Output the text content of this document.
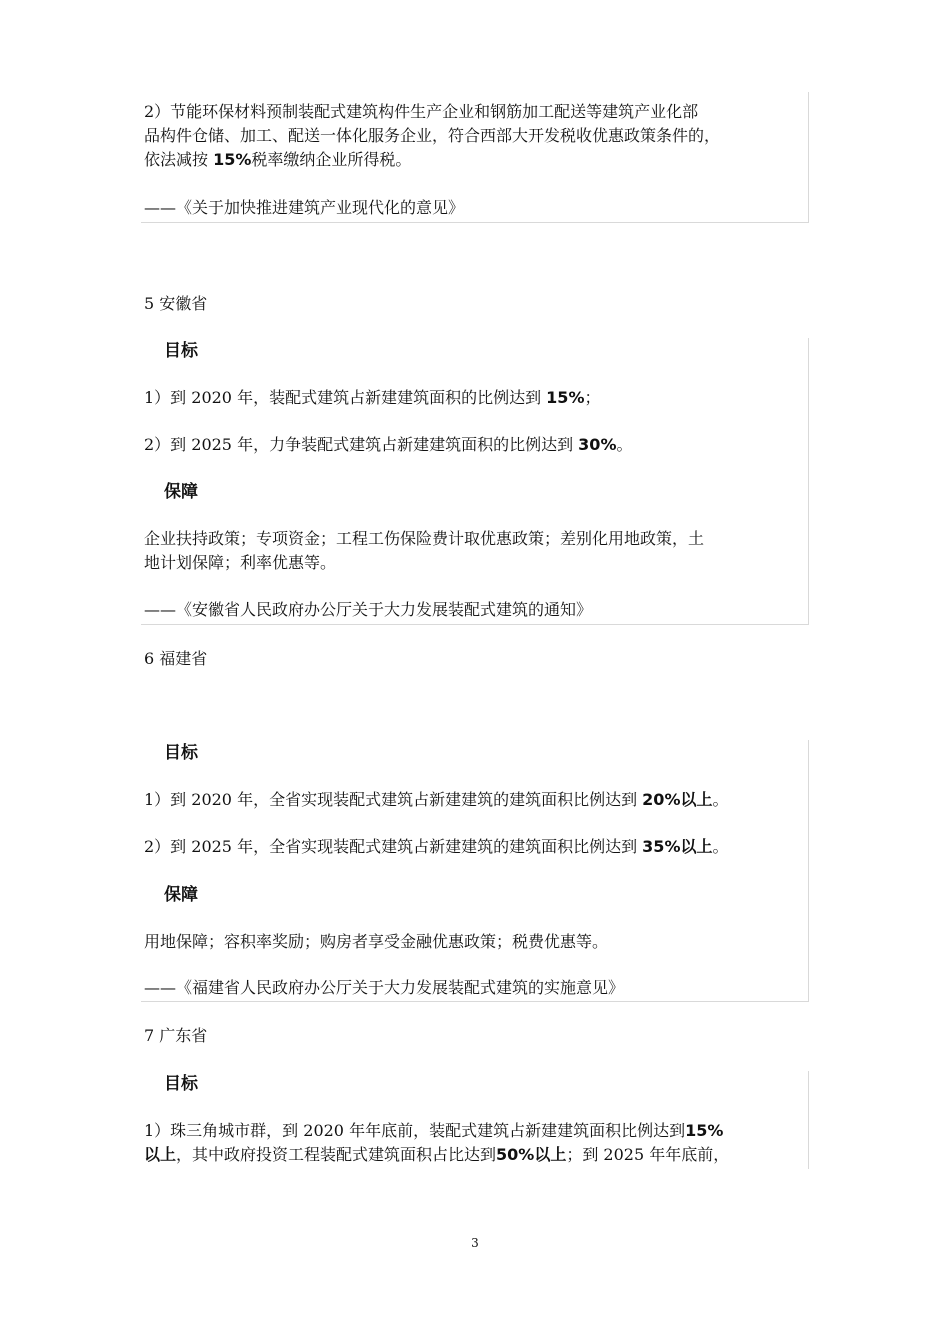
2）节能环保材料预制装配式建筑构件生产企业和钢筋加工配送等建筑产业化部
品构件仓储、加工、配送一体化服务企业，符合西部大开发税收优惠政策条件的，
依法减按 15%税率缴纳企业所得税。
——《关于加快推进建筑产业现代化的意见》
5 安徽省
目标
1）到 2020 年，装配式建筑占新建建筑面积的比例达到 15%；
2）到 2025 年，力争装配式建筑占新建建筑面积的比例达到 30%。
保障
企业扶持政策；专项资金；工程工伤保险费计取优惠政策；差别化用地政策，土
地计划保障；利率优惠等。
——《安徽省人民政府办公厅关于大力发展装配式建筑的通知》
6 福建省
目标
1）到 2020 年，全省实现装配式建筑占新建建筑的建筑面积比例达到 20%以上。
2）到 2025 年，全省实现装配式建筑占新建建筑的建筑面积比例达到 35%以上。
保障
用地保障；容积率奖励；购房者享受金融优惠政策；税费优惠等。
——《福建省人民政府办公厅关于大力发展装配式建筑的实施意见》
7 广东省
目标
1）珠三角城市群，到 2020 年年底前，装配式建筑占新建建筑面积比例达到15%
以上，其中政府投资工程装配式建筑面积占比达到50%以上；到 2025 年年底前，
3
